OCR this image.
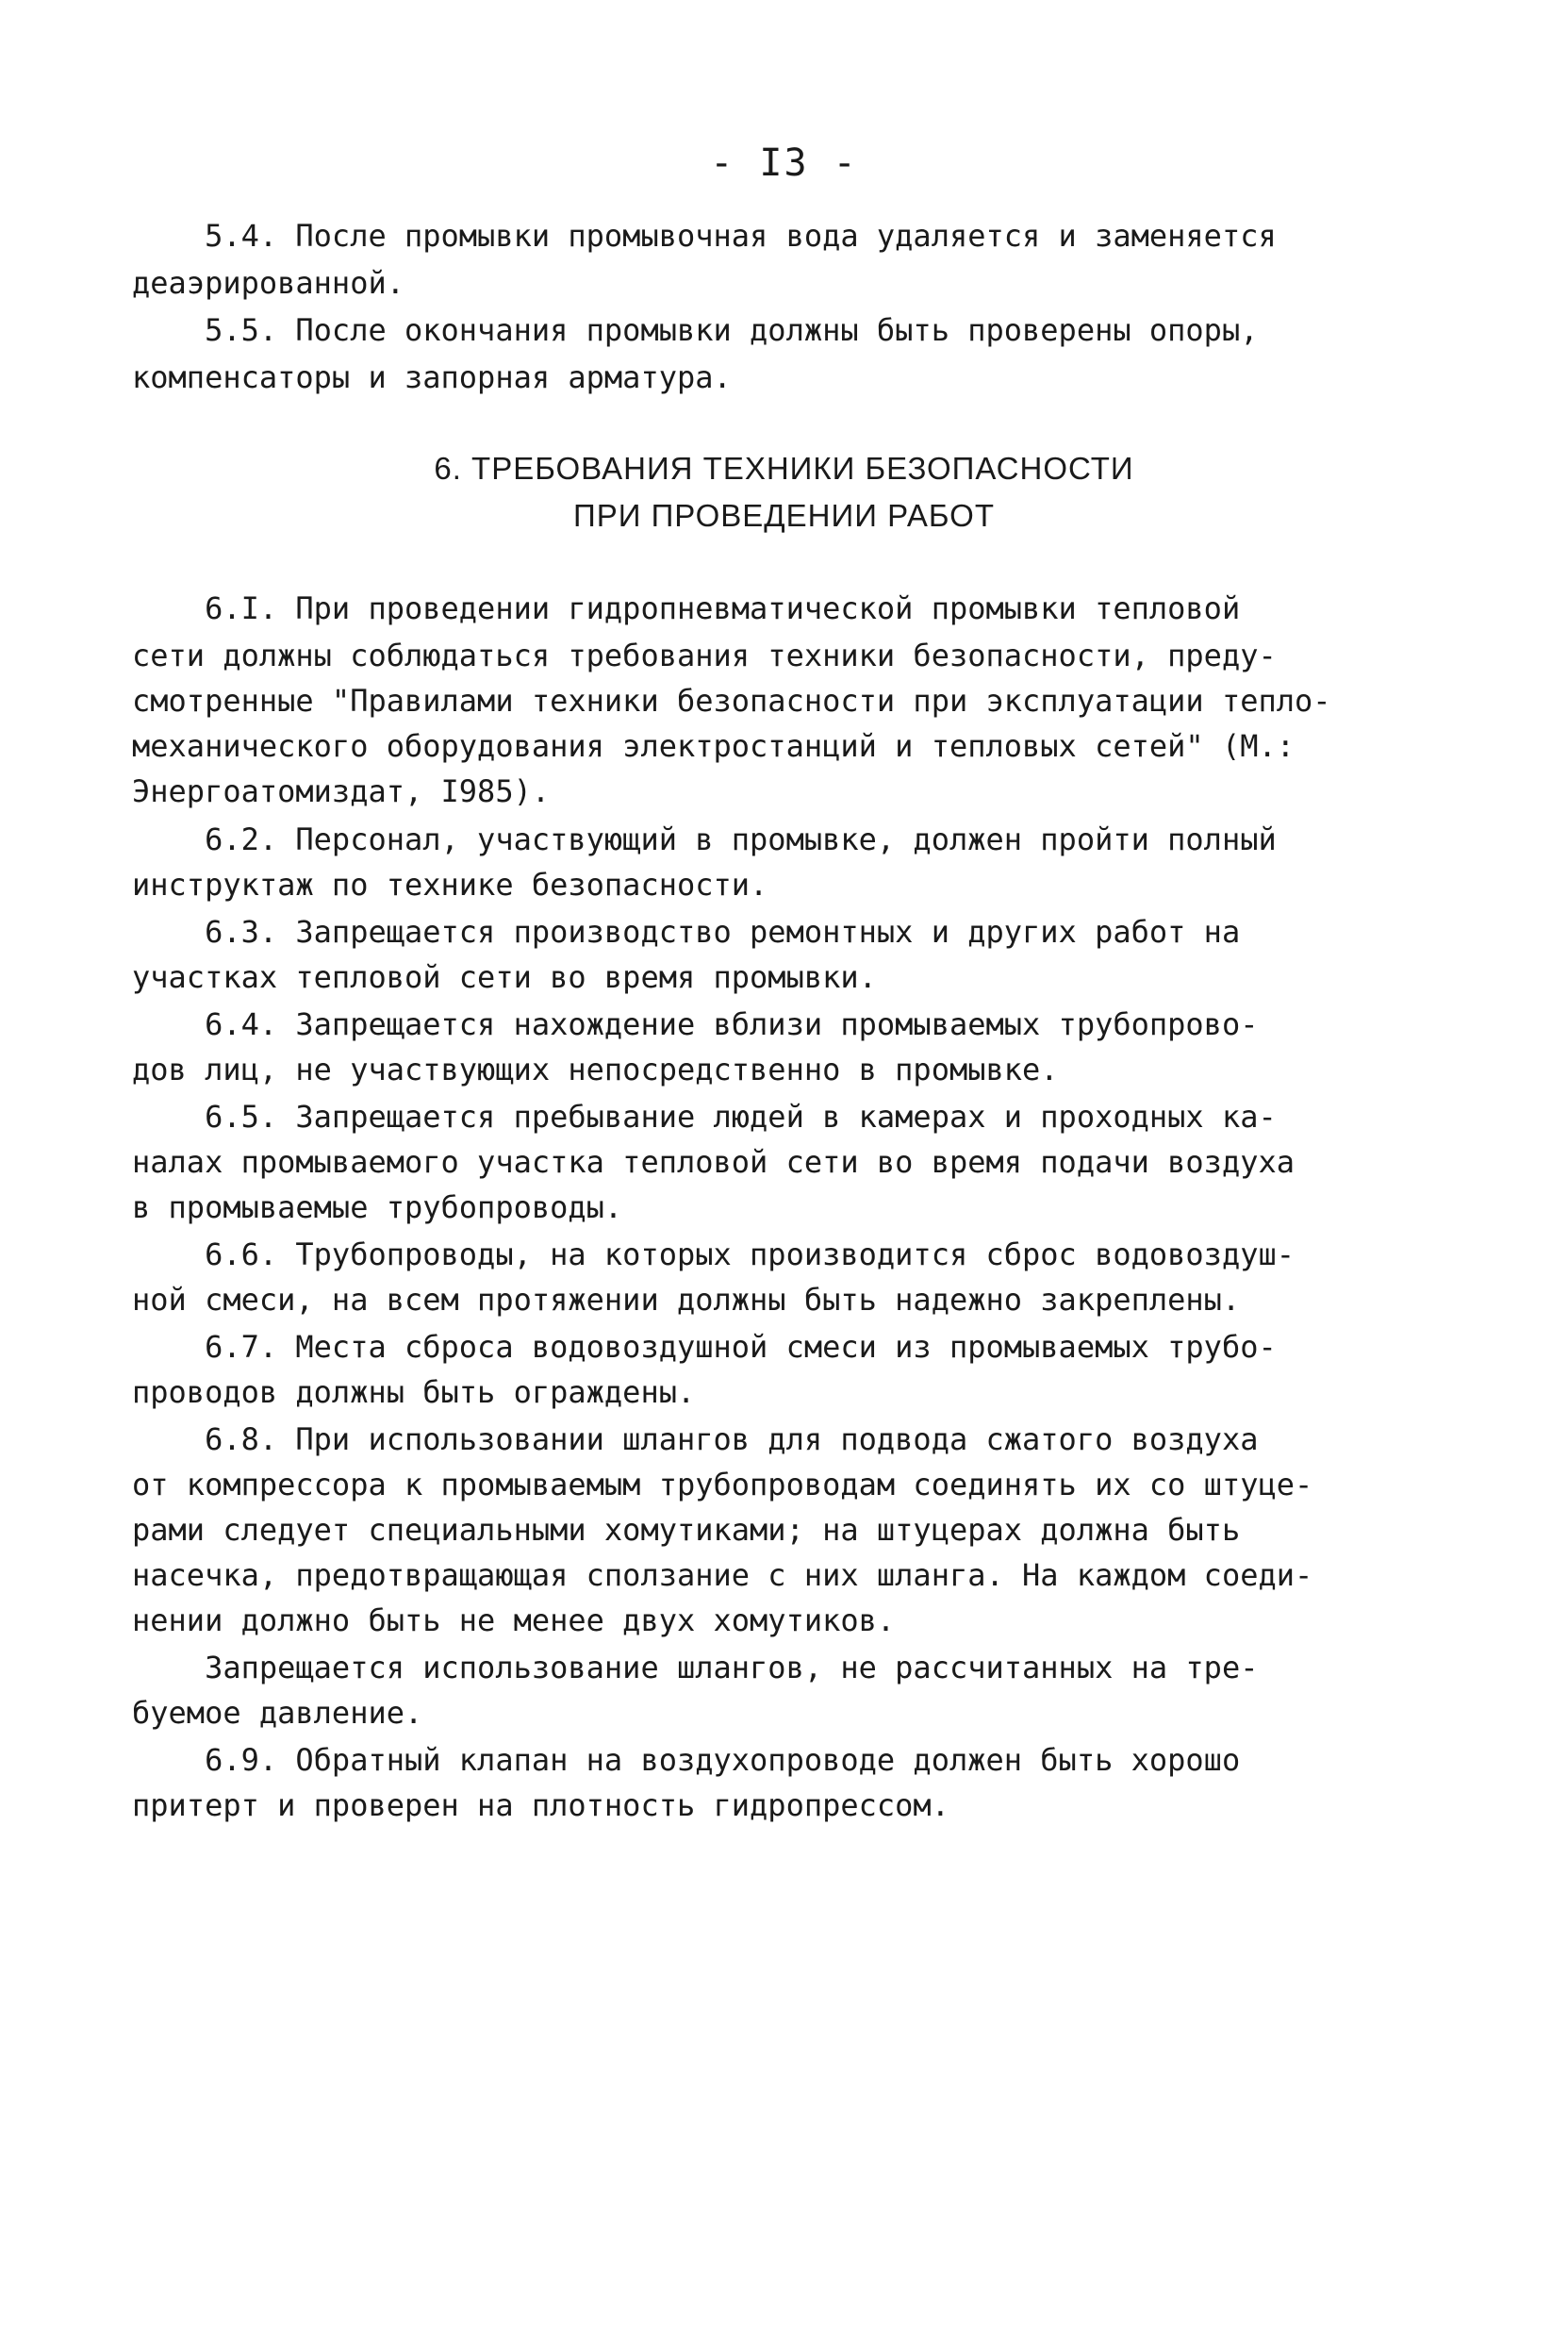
- I3 -
5.4. После промывки промывочная вода удаляется и заменяется
деаэрированной.
5.5. После окончания промывки должны быть проверены опоры,
компенсаторы и запорная арматура.
6. ТРЕБОВАНИЯ ТЕХНИКИ БЕЗОПАСНОСТИ
ПРИ ПРОВЕДЕНИИ РАБОТ
6.I. При проведении гидропневматической промывки тепловой
сети должны соблюдаться требования техники безопасности, преду-
смотренные "Правилами техники безопасности при эксплуатации тепло-
механического оборудования электростанций и тепловых сетей" (М.:
Энергоатомиздат, I985).
6.2. Персонал, участвующий в промывке, должен пройти полный
инструктаж по технике безопасности.
6.3. Запрещается производство ремонтных и других работ на
участках тепловой сети во время промывки.
6.4. Запрещается нахождение вблизи промываемых трубопрово-
дов лиц, не участвующих непосредственно в промывке.
6.5. Запрещается пребывание людей в камерах и проходных ка-
налах промываемого участка тепловой сети во время подачи воздуха
в промываемые трубопроводы.
6.6. Трубопроводы, на которых производится сброс водовоздуш-
ной смеси, на всем протяжении должны быть надежно закреплены.
6.7. Места сброса водовоздушной смеси из промываемых трубо-
проводов должны быть ограждены.
6.8. При использовании шлангов для подвода сжатого воздуха
от компрессора к промываемым трубопроводам соединять их со штуце-
рами следует специальными хомутиками; на штуцерах должна быть
насечка, предотвращающая сползание с них шланга. На каждом соеди-
нении должно быть не менее двух хомутиков.
Запрещается использование шлангов, не рассчитанных на тре-
буемое давление.
6.9. Обратный клапан на воздухопроводе должен быть хорошо
притерт и проверен на плотность гидропрессом.
